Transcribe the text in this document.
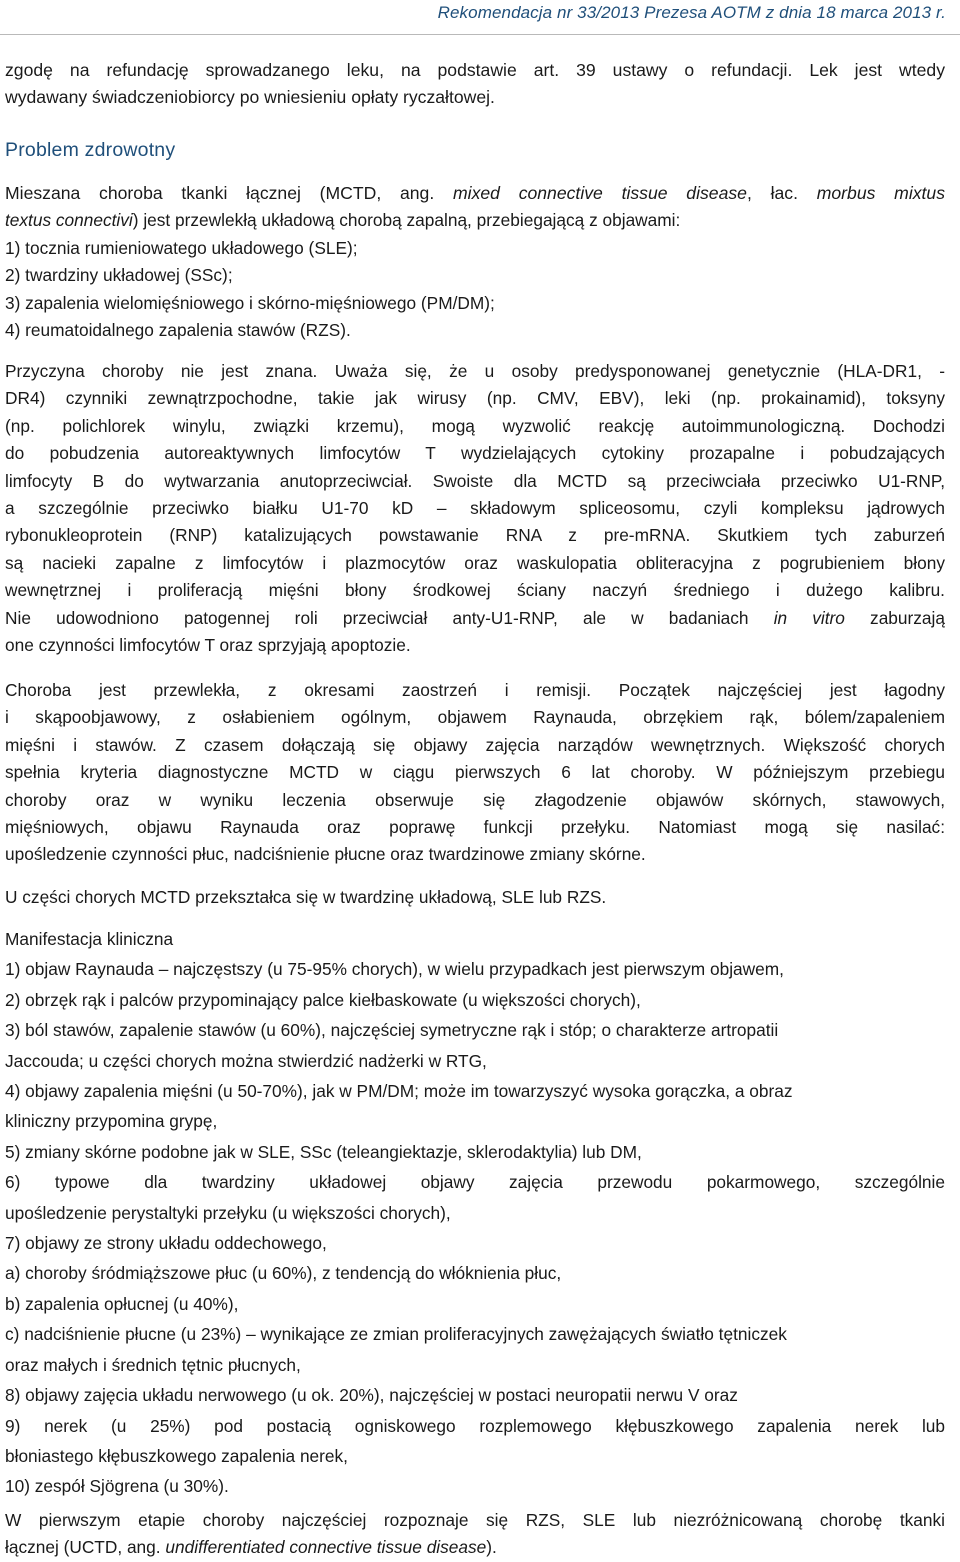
Rekomendacja nr 33/2013 Prezesa AOTM z dnia 18 marca 2013 r.
zgodę na refundację sprowadzanego leku, na podstawie art. 39 ustawy o refundacji. Lek jest wtedy
wydawany świadczeniobiorcy po wniesieniu opłaty ryczałtowej.
Problem zdrowotny
Mieszana choroba tkanki łącznej (MCTD, ang. mixed connective tissue disease, łac. morbus mixtus
textus connectivi) jest przewlekłą układową chorobą zapalną, przebiegającą z objawami:
1) tocznia rumieniowatego układowego (SLE);
2) twardziny układowej (SSc);
3) zapalenia wielomięśniowego i skórno-mięśniowego (PM/DM);
4) reumatoidalnego zapalenia stawów (RZS).
Przyczyna choroby nie jest znana. Uważa się, że u osoby predysponowanej genetycznie (HLA-DR1, -
DR4) czynniki zewnątrzpochodne, takie jak wirusy (np. CMV, EBV), leki (np. prokainamid), toksyny
(np. polichlorek winylu, związki krzemu), mogą wyzwolić reakcję autoimmunologiczną. Dochodzi
do pobudzenia autoreaktywnych limfocytów T wydzielających cytokiny prozapalne i pobudzających
limfocyty B do wytwarzania anutoprzeciwciał. Swoiste dla MCTD są przeciwciała przeciwko U1-RNP,
a szczególnie przeciwko białku U1-70 kD – składowym spliceosomu, czyli kompleksu jądrowych
rybonukleoprotein (RNP) katalizujących powstawanie RNA z pre-mRNA. Skutkiem tych zaburzeń
są nacieki zapalne z limfocytów i plazmocytów oraz waskulopatia obliteracyjna z pogrubieniem błony
wewnętrznej i proliferacją mięśni błony środkowej ściany naczyń średniego i dużego kalibru.
Nie udowodniono patogennej roli przeciwciał anty-U1-RNP, ale w badaniach in vitro zaburzają
one czynności limfocytów T oraz sprzyjają apoptozie.
Choroba jest przewlekła, z okresami zaostrzeń i remisji. Początek najczęściej jest łagodny
i skąpoobjawowy, z osłabieniem ogólnym, objawem Raynauda, obrzękiem rąk, bólem/zapaleniem
mięśni i stawów. Z czasem dołączają się objawy zajęcia narządów wewnętrznych. Większość chorych
spełnia kryteria diagnostyczne MCTD w ciągu pierwszych 6 lat choroby. W późniejszym przebiegu
choroby oraz w wyniku leczenia obserwuje się złagodzenie objawów skórnych, stawowych,
mięśniowych, objawu Raynauda oraz poprawę funkcji przełyku. Natomiast mogą się nasilać:
upośledzenie czynności płuc, nadciśnienie płucne oraz twardzinowe zmiany skórne.
U części chorych MCTD przekształca się w twardzinę układową, SLE lub RZS.
Manifestacja kliniczna
1) objaw Raynauda – najczęstszy (u 75-95% chorych), w wielu przypadkach jest pierwszym objawem,
2) obrzęk rąk i palców przypominający palce kiełbaskowate (u większości chorych),
3) ból stawów, zapalenie stawów (u 60%), najczęściej symetryczne rąk i stóp; o charakterze artropatii
Jaccouda; u części chorych można stwierdzić nadżerki w RTG,
4) objawy zapalenia mięśni (u 50-70%), jak w PM/DM; może im towarzyszyć wysoka gorączka, a obraz
kliniczny przypomina grypę,
5) zmiany skórne podobne jak w SLE, SSc (teleangiektazje, sklerodaktylia) lub DM,
6) typowe dla twardziny układowej objawy zajęcia przewodu pokarmowego, szczególnie
upośledzenie perystaltyki przełyku (u większości chorych),
7) objawy ze strony układu oddechowego,
a) choroby śródmiąższowe płuc (u 60%), z tendencją do włóknienia płuc,
b) zapalenia opłucnej (u 40%),
c) nadciśnienie płucne (u 23%) – wynikające ze zmian proliferacyjnych zawężających światło tętniczek
oraz małych i średnich tętnic płucnych,
8) objawy zajęcia układu nerwowego (u ok. 20%), najczęściej w postaci neuropatii nerwu V oraz
9) nerek (u 25%) pod postacią ogniskowego rozplemowego kłębuszkowego zapalenia nerek lub
błoniastego kłębuszkowego zapalenia nerek,
10) zespół Sjögrena (u 30%).
W pierwszym etapie choroby najczęściej rozpoznaje się RZS, SLE lub niezróżnicowaną chorobę tkanki
łącznej (UCTD, ang. undifferentiated connective tissue disease).
